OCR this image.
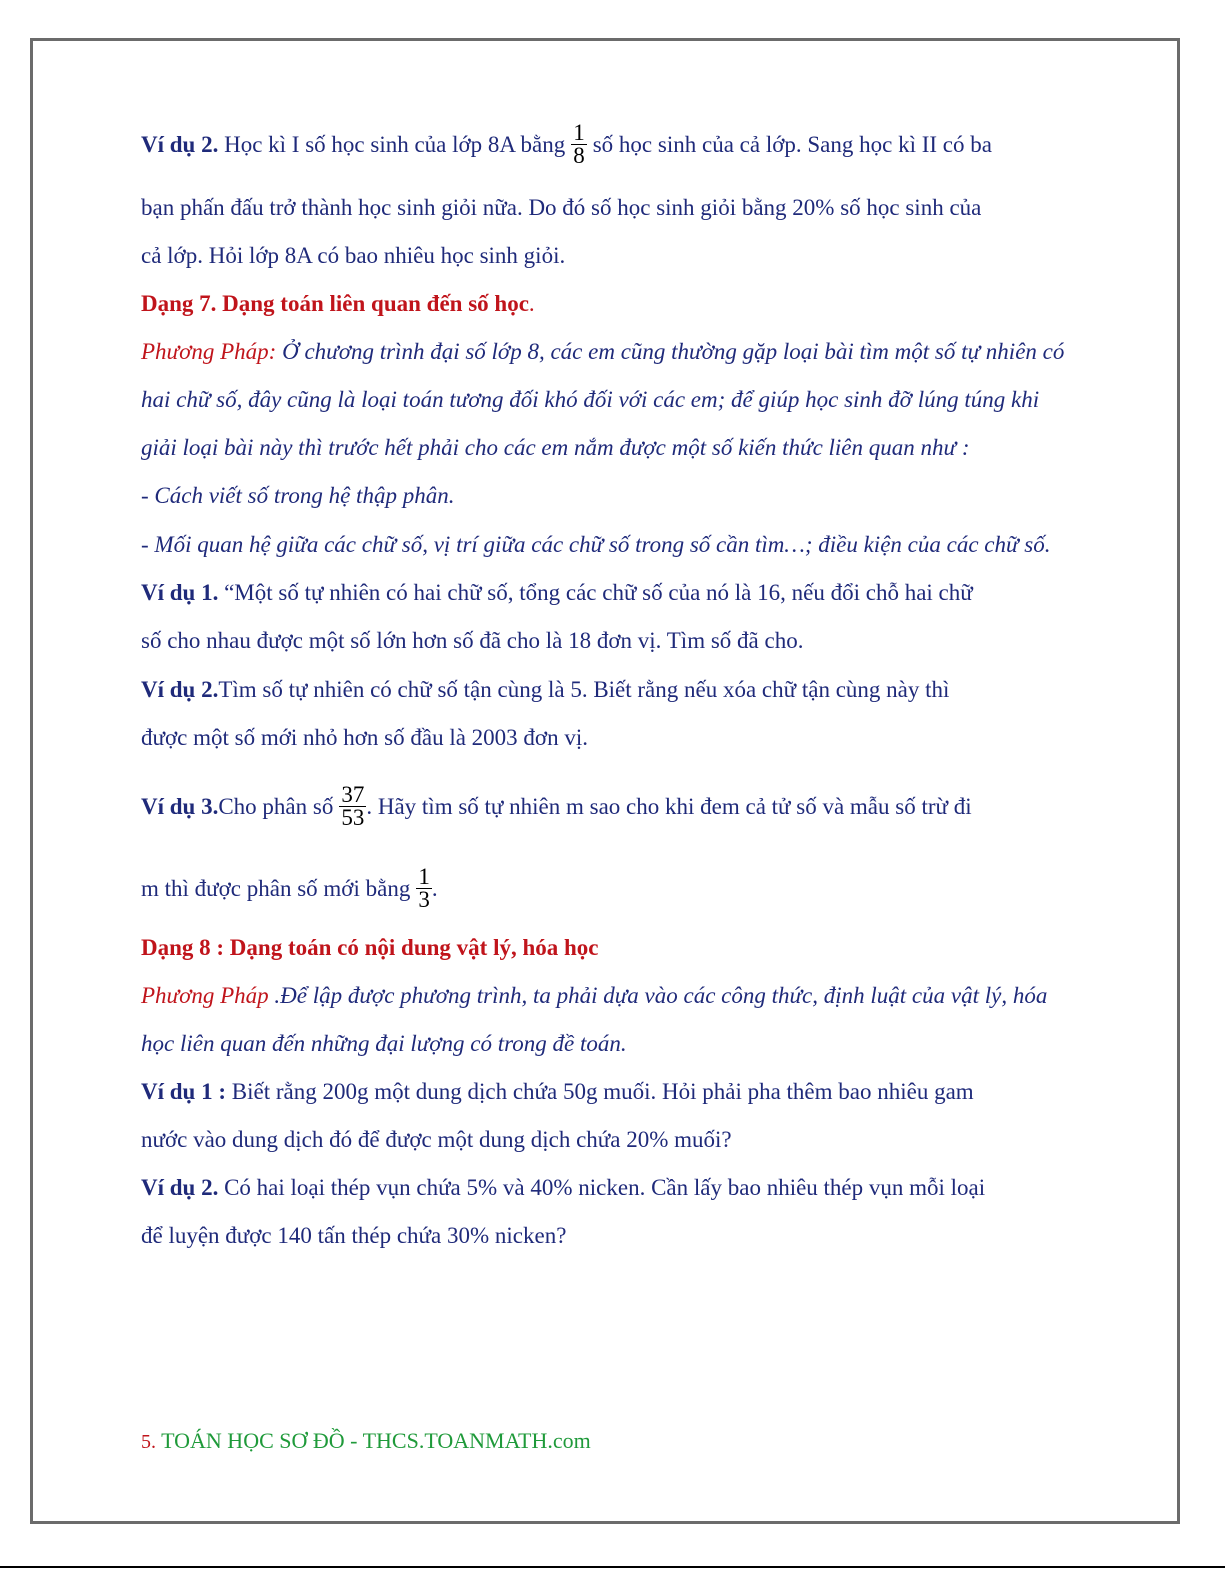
Ví dụ 2. Học kì I số học sinh của lớp 8A bằng $\frac{1}{8}$ số học sinh của cả lớp. Sang học kì II có ba
bạn phấn đấu trở thành học sinh giỏi nữa. Do đó số học sinh giỏi bằng 20% số học sinh của
cả lớp. Hỏi lớp 8A có bao nhiêu học sinh giỏi.
Dạng 7. Dạng toán liên quan đến số học.
Phương Pháp: Ở chương trình đại số lớp 8, các em cũng thường gặp loại bài tìm một số tự nhiên có
hai chữ số, đây cũng là loại toán tương đối khó đối với các em; để giúp học sinh đỡ lúng túng khi
giải loại bài này thì trước hết phải cho các em nắm được một số kiến thức liên quan như :
- Cách viết số trong hệ thập phân.
- Mối quan hệ giữa các chữ số, vị trí giữa các chữ số trong số cần tìm…; điều kiện của các chữ số.
Ví dụ 1. “Một số tự nhiên có hai chữ số, tổng các chữ số của nó là 16, nếu đổi chỗ hai chữ
số cho nhau được một số lớn hơn số đã cho là 18 đơn vị. Tìm số đã cho.
Ví dụ 2.Tìm số tự nhiên có chữ số tận cùng là 5. Biết rằng nếu xóa chữ tận cùng này thì
được một số mới nhỏ hơn số đầu là 2003 đơn vị.
Ví dụ 3.Cho phân số $\frac{37}{53}$ . Hãy tìm số tự nhiên m sao cho khi đem cả tử số và mẫu số trừ đi
m thì được phân số mới bằng $\frac{1}{3}$ .
Dạng 8 : Dạng toán có nội dung vật lý, hóa học
Phương Pháp .Để lập được phương trình, ta phải dựa vào các công thức, định luật của vật lý, hóa
học liên quan đến những đại lượng có trong đề toán.
Ví dụ 1 : Biết rằng 200g một dung dịch chứa 50g muối. Hỏi phải pha thêm bao nhiêu gam
nước vào dung dịch đó để được một dung dịch chứa 20% muối?
Ví dụ 2. Có hai loại thép vụn chứa 5% và 40% nicken. Cần lấy bao nhiêu thép vụn mỗi loại
để luyện được 140 tấn thép chứa 30% nicken?
5. TOÁN HỌC SƠ ĐỒ - THCS.TOANMATH.com
